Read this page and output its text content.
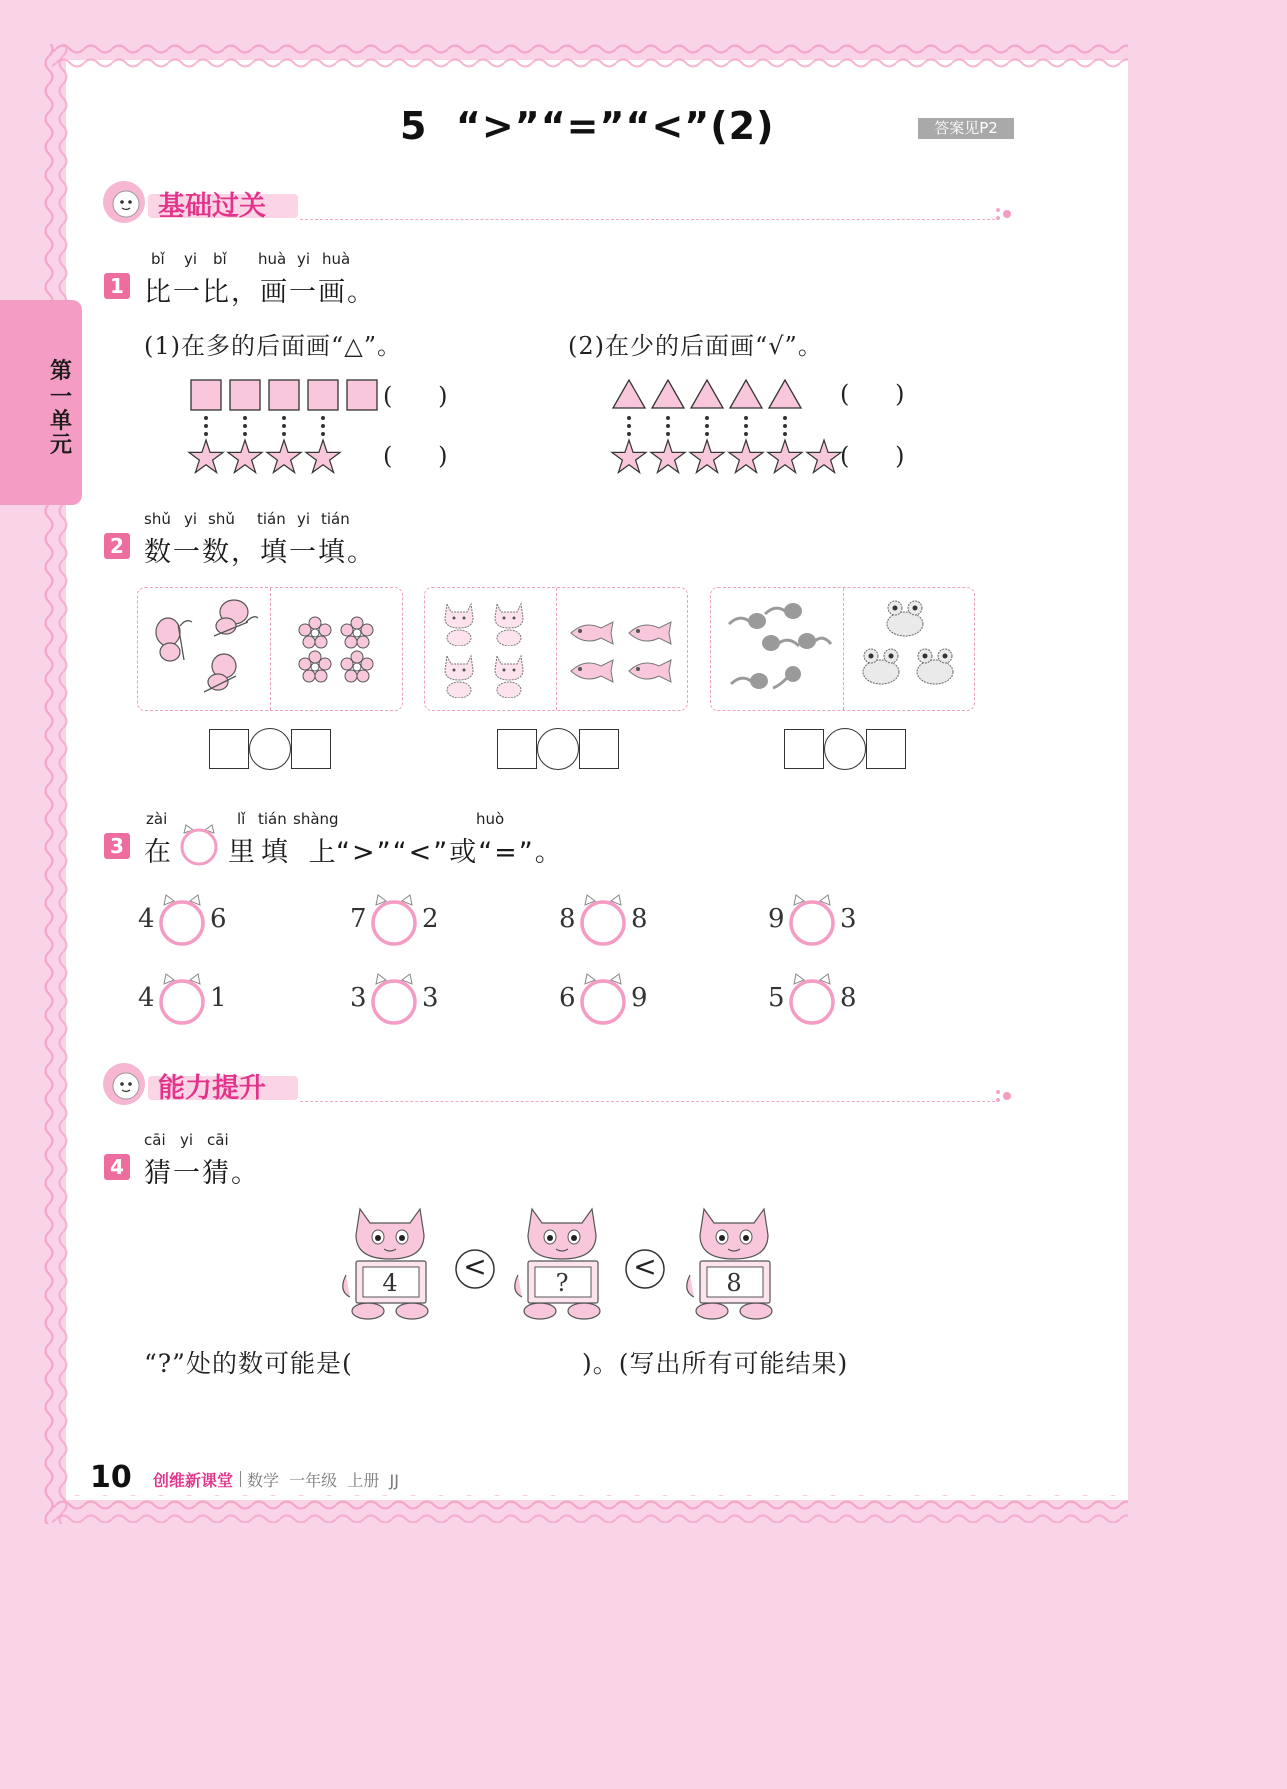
第
一
单
元
5  “>”“=”“<”(2)	答案见P2
基础过关
bǐ yi bǐ huà yi huà
1 比一比，画一画。
(1)在多的后面画“△”。	(2)在少的后面画“√”。
(      )
(      )
(      )
(      )
shǔ yi shǔ tián yi tián
2 数一数，填一填。
zài	lǐ tián shàng	huò
3 在 里填 上
“>”“<”或“=”。
4 6	7 2	8 8	9 3
4 1	3 3	6 9	5 8
能力提升
cāi yi cāi
4 猜一猜。
4	<	?	<	8
“?”处的数可能是(	)。(写出所有可能结果)
10 创维新课堂 数学  一年级  上册  JJ
